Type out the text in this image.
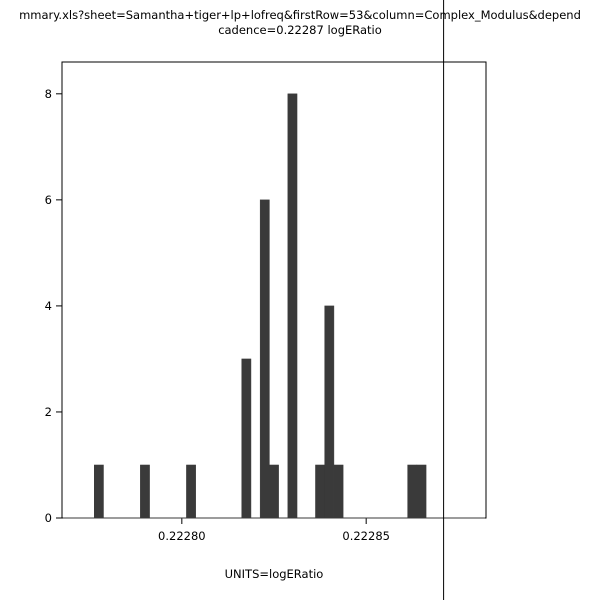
mmary.xls?sheet=Samantha+tiger+lp+lofreq&firstRow=53&column=Complex_Modulus&depend
cadence=0.22287 logERatio
0
2
4
6
8
0.22280	0.22285
UNITS=logERatio
